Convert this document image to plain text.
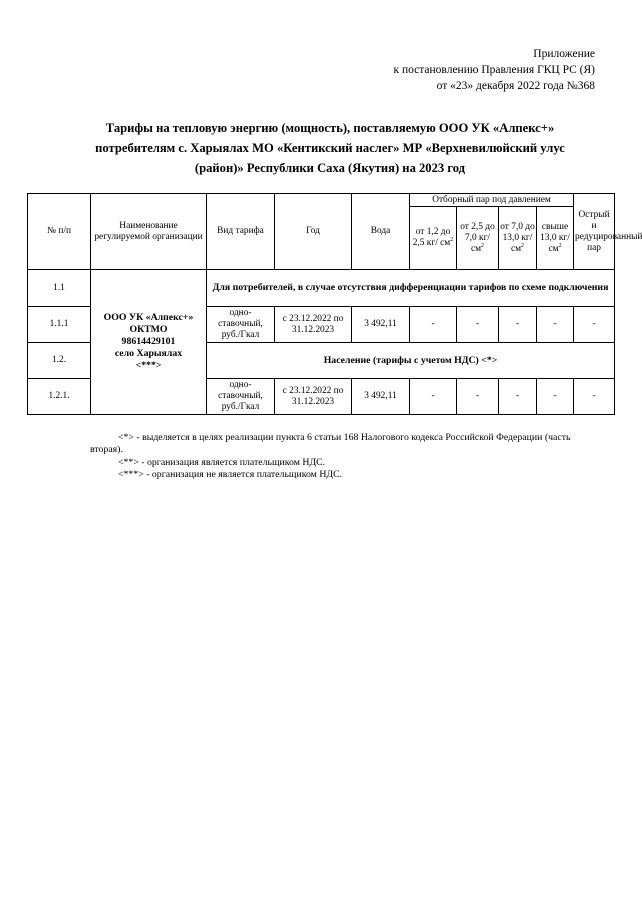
Приложение
к постановлению Правления ГКЦ РС (Я)
от «23» декабря 2022 года №368
Тарифы на тепловую энергию (мощность), поставляемую ООО УК «Алпекс+»
потребителям с. Харыялах МО «Кентикский наслег» МР «Верхневилюйский улус
(район)» Республики Саха (Якутия) на 2023 год
№ п/п	Наименование регулируемой организации	Вид тарифа	Год	Вода	Отборный пар под давлением				Острый и редуцированный пар
					от 1,2 до 2,5 кг/ $см^2$	от 2,5 до 7,0 кг/ $см^2$	от 7,0 до 13,0 кг/ $см^2$	свыше 13,0 кг/ $см^2$
1.1	ООО УК «Алпекс+»
ОКТМО
98614429101
село Харыялах
<***>	Для потребителей, в случае отсутствия дифференциации тарифов по схеме подключения							
1.1.1		одно-ставочный, руб./Гкал	с 23.12.2022 по 31.12.2023	3 492,11	-	-	-	-	-
1.2.		Население (тарифы с учетом НДС) <*>							
1.2.1.		одно-ставочный, руб./Гкал	с 23.12.2022 по 31.12.2023	3 492,11	-	-	-	-	-

<*> - выделяется в целях реализации пункта 6 статьи 168 Налогового кодекса Российской Федерации (часть вторая).

<**> - организация является плательщиком НДС.

<***> - организация не является плательщиком НДС.
